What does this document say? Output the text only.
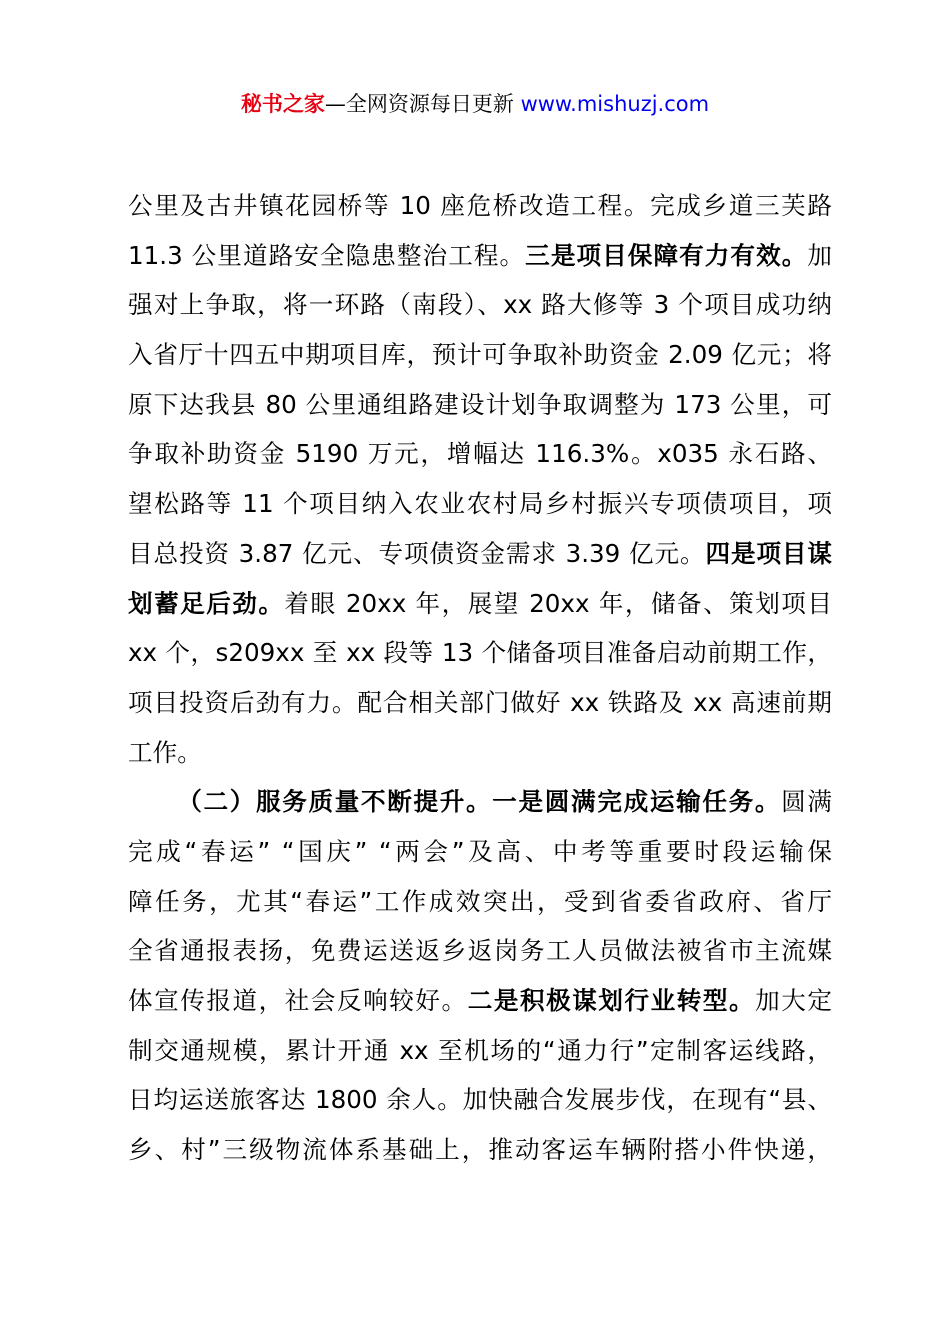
秘书之家—全网资源每日更新 www.mishuzj.com
公里及古井镇花园桥等 10 座危桥改造工程。完成乡道三芙路
11.3 公里道路安全隐患整治工程。三是项目保障有力有效。加
强对上争取，将一环路（南段）、xx 路大修等 3 个项目成功纳
入省厅十四五中期项目库，预计可争取补助资金 2.09 亿元；将
原下达我县 80 公里通组路建设计划争取调整为 173 公里，可
争取补助资金 5190 万元，增幅达 116.3%。x035 永石路、
望松路等 11 个项目纳入农业农村局乡村振兴专项债项目，项
目总投资 3.87 亿元、专项债资金需求 3.39 亿元。四是项目谋
划蓄足后劲。着眼 20xx 年，展望 20xx 年，储备、策划项目
xx 个，s209xx 至 xx 段等 13 个储备项目准备启动前期工作，
项目投资后劲有力。配合相关部门做好 xx 铁路及 xx 高速前期
工作。
（二）服务质量不断提升。一是圆满完成运输任务。圆满
完成“春运” “国庆” “两会”及高、中考等重要时段运输保
障任务，尤其“春运”工作成效突出，受到省委省政府、省厅
全省通报表扬，免费运送返乡返岗务工人员做法被省市主流媒
体宣传报道，社会反响较好。二是积极谋划行业转型。加大定
制交通规模，累计开通 xx 至机场的“通力行”定制客运线路，
日均运送旅客达 1800 余人。加快融合发展步伐，在现有“县、
乡、村”三级物流体系基础上，推动客运车辆附搭小件快递，
